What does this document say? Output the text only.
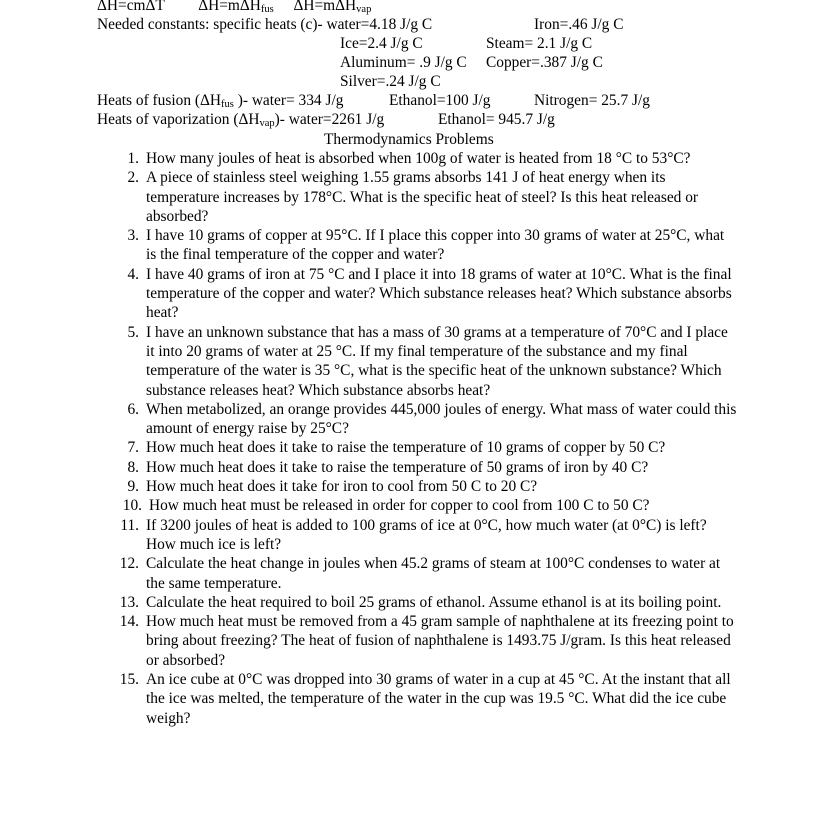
ΔH=cmΔT ΔH=mΔHfus ΔH=mΔHvap
Needed constants: specific heats (c)- water=4.18 J/g C	Iron=.46 J/g C
Ice=2.4 J/g C	Steam= 2.1 J/g C
Aluminum= .9 J/g C Copper=.387 J/g C
Silver=.24 J/g C
Heats of fusion (ΔHfus )- water= 334 J/g	Ethanol=100 J/g	Nitrogen= 25.7 J/g
Heats of vaporization (ΔHvap)- water=2261 J/g	Ethanol= 945.7 J/g
Thermodynamics Problems
1. How many joules of heat is absorbed when 100g of water is heated from 18 °C to 53°C?
2. A piece of stainless steel weighing 1.55 grams absorbs 141 J of heat energy when its temperature increases by 178°C. What is the specific heat of steel? Is this heat released or absorbed?
3. I have 10 grams of copper at 95°C. If I place this copper into 30 grams of water at 25°C, what is the final temperature of the copper and water?
4. I have 40 grams of iron at 75 °C and I place it into 18 grams of water at 10°C. What is the final temperature of the copper and water? Which substance releases heat? Which substance absorbs heat?
5. I have an unknown substance that has a mass of 30 grams at a temperature of 70°C and I place it into 20 grams of water at 25 °C. If my final temperature of the substance and my final temperature of the water is 35 °C, what is the specific heat of the unknown substance? Which substance releases heat? Which substance absorbs heat?
6. When metabolized, an orange provides 445,000 joules of energy. What mass of water could this amount of energy raise by 25°C?
7. How much heat does it take to raise the temperature of 10 grams of copper by 50 C?
8. How much heat does it take to raise the temperature of 50 grams of iron by 40 C?
9. How much heat does it take for iron to cool from 50 C to 20 C?
10. How much heat must be released in order for copper to cool from 100 C to 50 C?
11. If 3200 joules of heat is added to 100 grams of ice at 0°C, how much water (at 0°C) is left? How much ice is left?
12. Calculate the heat change in joules when 45.2 grams of steam at 100°C condenses to water at the same temperature.
13. Calculate the heat required to boil 25 grams of ethanol. Assume ethanol is at its boiling point.
14. How much heat must be removed from a 45 gram sample of naphthalene at its freezing point to bring about freezing? The heat of fusion of naphthalene is 1493.75 J/gram. Is this heat released or absorbed?
15. An ice cube at 0°C was dropped into 30 grams of water in a cup at 45 °C. At the instant that all the ice was melted, the temperature of the water in the cup was 19.5 °C. What did the ice cube weigh?
